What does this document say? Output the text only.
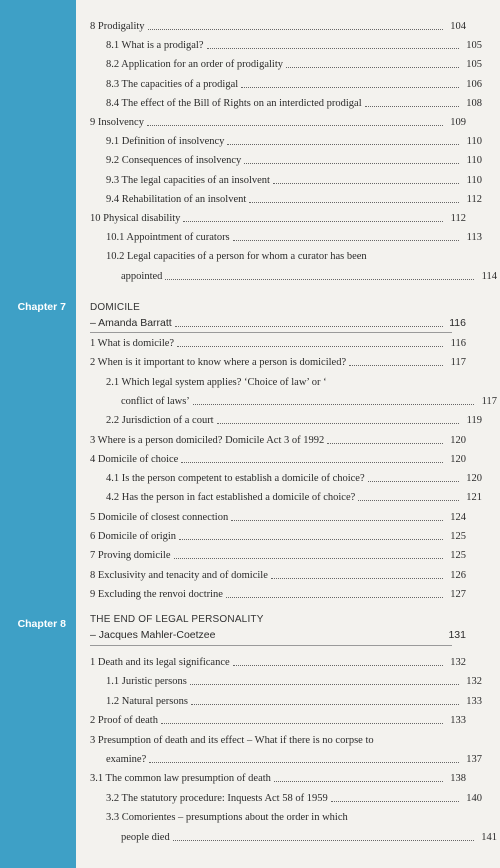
Chapter 7
Chapter 8
8 Prodigality	104
8.1 What is a prodigal?	105
8.2 Application for an order of prodigality	105
8.3 The capacities of a prodigal	106
8.4 The effect of the Bill of Rights on an interdicted prodigal	108
9 Insolvency	109
9.1 Definition of insolvency	110
9.2 Consequences of insolvency	110
9.3 The legal capacities of an insolvent	110
9.4 Rehabilitation of an insolvent	112
10 Physical disability	112
10.1 Appointment of curators	113
10.2 Legal capacities of a person for whom a curator has been
appointed	114
DOMICILE
– Amanda Barratt	116
1 What is domicile?	116
2 When is it important to know where a person is domiciled?	117
2.1 Which legal system applies? ‘Choice of law’ or ‘
conflict of laws’	117
2.2 Jurisdiction of a court	119
3 Where is a person domiciled? Domicile Act 3 of 1992	120
4 Domicile of choice	120
4.1 Is the person competent to establish a domicile of choice?	120
4.2 Has the person in fact established a domicile of choice?	121
5 Domicile of closest connection	124
6 Domicile of origin	125
7 Proving domicile	125
8 Exclusivity and tenacity and of domicile	126
9 Excluding the renvoi doctrine	127
THE END OF LEGAL PERSONALITY
– Jacques Mahler-Coetzee	131
1 Death and its legal significance	132
1.1 Juristic persons	132
1.2 Natural persons	133
2 Proof of death	133
3 Presumption of death and its effect – What if there is no corpse to
examine?	137
3.1 The common law presumption of death	138
3.2 The statutory procedure: Inquests Act 58 of 1959	140
3.3 Comorientes – presumptions about the order in which
people died	141
